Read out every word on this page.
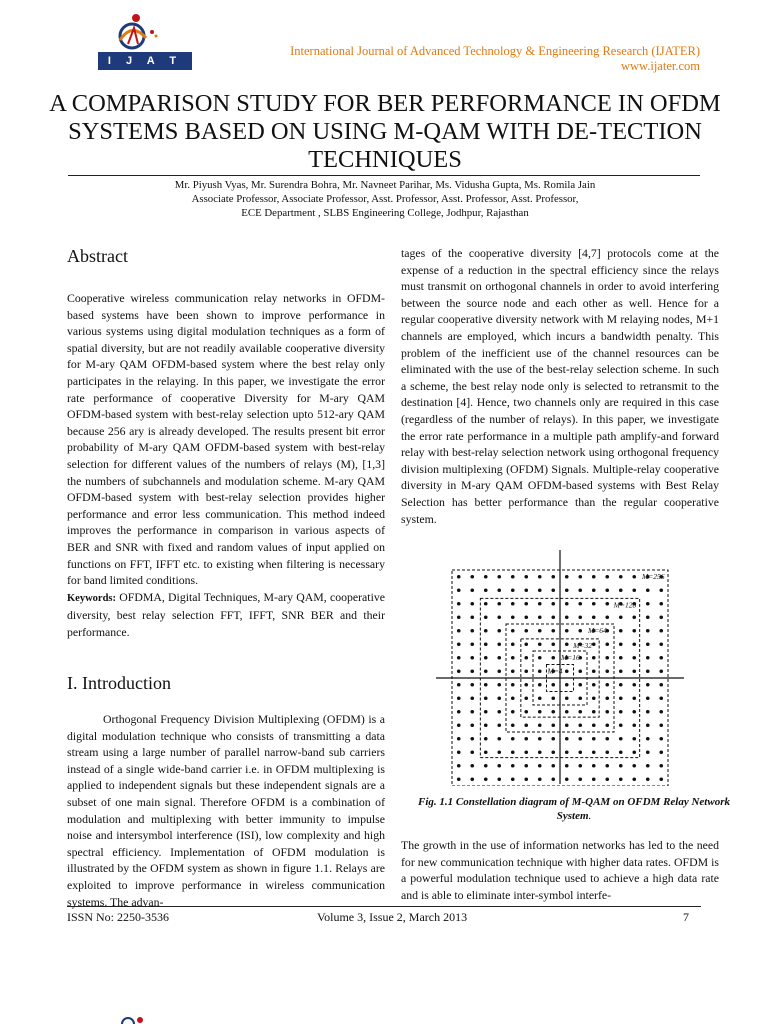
I J A T E R
International Journal of Advanced Technology & Engineering Research (IJATER)
www.ijater.com
A COMPARISON STUDY FOR BER PERFORMANCE IN OFDM SYSTEMS BASED ON USING M-QAM WITH DE-TECTION TECHNIQUES
Mr. Piyush Vyas, Mr. Surendra Bohra, Mr. Navneet Parihar, Ms. Vidusha Gupta, Ms. Romila Jain
Associate Professor, Associate Professor, Asst. Professor, Asst. Professor, Asst. Professor,
ECE Department , SLBS Engineering College, Jodhpur, Rajasthan
Abstract

Cooperative wireless communication relay networks in OFDM-based systems have been shown to improve performance in various systems using digital modulation techniques as a form of spatial diversity, but are not readily available cooperative diversity for M-ary QAM OFDM-based system where the best relay only participates in the relaying. In this paper, we investigate the error rate performance of cooperative Diversity for M-ary QAM OFDM-based system with best-relay selection upto 512-ary QAM because 256 ary is already developed. The results present bit error probability of M-ary QAM OFDM-based system with best-relay selection for different values of the numbers of relays (M), [1,3] the numbers of subchannels and modulation scheme. M-ary QAM OFDM-based system with best-relay selection provides higher performance and error less communication. This method indeed improves the performance in comparison in various aspects of BER and SNR with fixed and random values of input applied on functions on FFT, IFFT etc. to existing when filtering is necessary for band limited conditions.

Keywords: OFDMA, Digital Techniques, M-ary QAM, cooperative diversity, best relay selection FFT, IFFT, SNR BER and their performance.

I. Introduction

Orthogonal Frequency Division Multiplexing (OFDM) is a digital modulation technique who consists of transmitting a data stream using a large number of parallel narrow-band sub carriers instead of a single wide-band carrier i.e. in OFDM multiplexing is applied to independent signals but these independent signals are a subset of one main signal. Therefore OFDM is a combination of modulation and multiplexing with better immunity to impulse noise and intersymbol interference (ISI), low complexity and high spectral efficiency. Implementation of OFDM modulation is illustrated by the OFDM system as shown in figure 1.1. Relays are exploited to improve performance in wireless communication systems. The advan-

tages of the cooperative diversity [4,7] protocols come at the expense of a reduction in the spectral efficiency since the relays must transmit on orthogonal channels in order to avoid interfering between the source node and each other as well. Hence for a regular cooperative diversity network with M relaying nodes, M+1 channels are employed, which incurs a bandwidth penalty. This problem of the inefficient use of the channel resources can be eliminated with the use of the best-relay selection scheme. In such a scheme, the best relay node only is selected to retransmit to the destination [4]. Hence, two channels only are required in this case (regardless of the number of relays). In this paper, we investigate the error rate performance in a multiple path amplify-and forward relay with best-relay selection network using orthogonal frequency division multiplexing (OFDM) Signals. Multiple-relay cooperative diversity in M-ary QAM OFDM-based systems with Best Relay Selection has better performance than the regular cooperative system.

M=256
M=128
M=64
M=32
M=16
M=4
Fig. 1.1 Constellation diagram of M-QAM on OFDM Relay Network System.

The growth in the use of information networks has led to the need for new communication technique with higher data rates. OFDM is a powerful modulation technique used to achieve a high data rate and is able to eliminate inter-symbol interfe-

ISSN No: 2250-3536	Volume 3, Issue 2, March 2013	7
